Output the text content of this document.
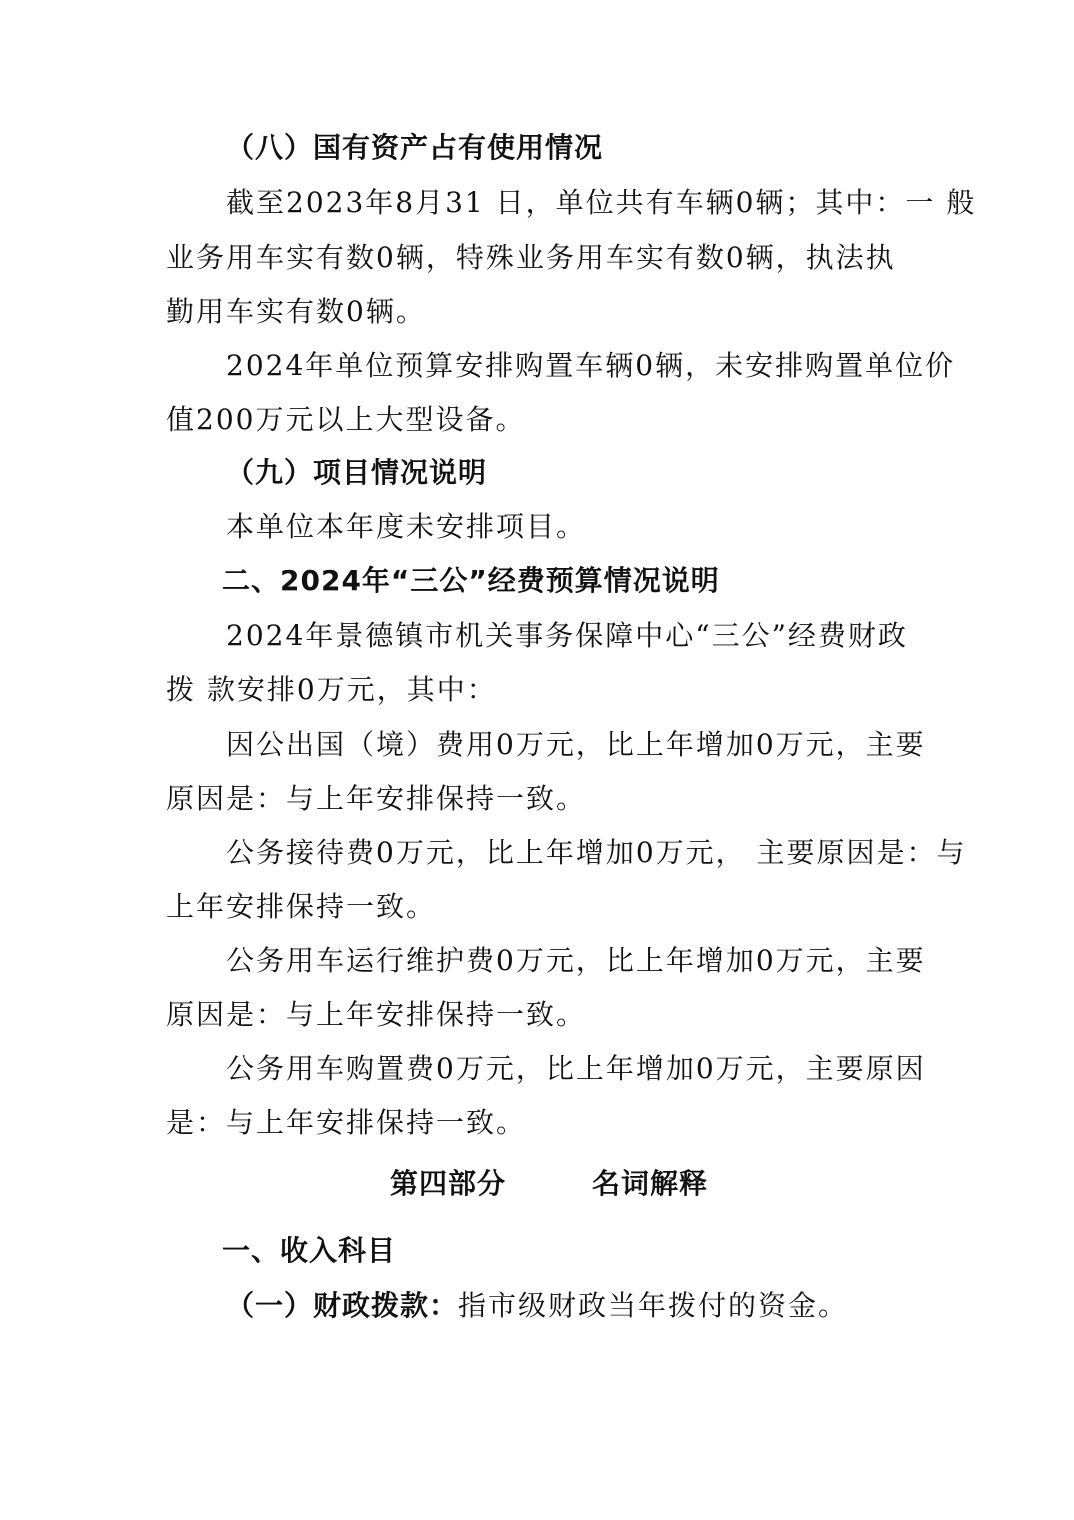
（八）国有资产占有使用情况
截至2023年8月31 日，单位共有车辆0辆；其中：一 般
业务用车实有数0辆，特殊业务用车实有数0辆，执法执
勤用车实有数0辆。
2024年单位预算安排购置车辆0辆，未安排购置单位价
值200万元以上大型设备。
（九）项目情况说明
本单位本年度未安排项目。
二、2024年“三公”经费预算情况说明
2024年景德镇市机关事务保障中心“三公”经费财政
拨 款安排0万元，其中：
因公出国（境）费用0万元，比上年增加0万元，主要
原因是：与上年安排保持一致。
公务接待费0万元，比上年增加0万元， 主要原因是：与
上年安排保持一致。
公务用车运行维护费0万元，比上年增加0万元，主要
原因是：与上年安排保持一致。
公务用车购置费0万元，比上年增加0万元，主要原因
是：与上年安排保持一致。
第四部分        名词解释
一、收入科目
（一）财政拨款：指市级财政当年拨付的资金。
